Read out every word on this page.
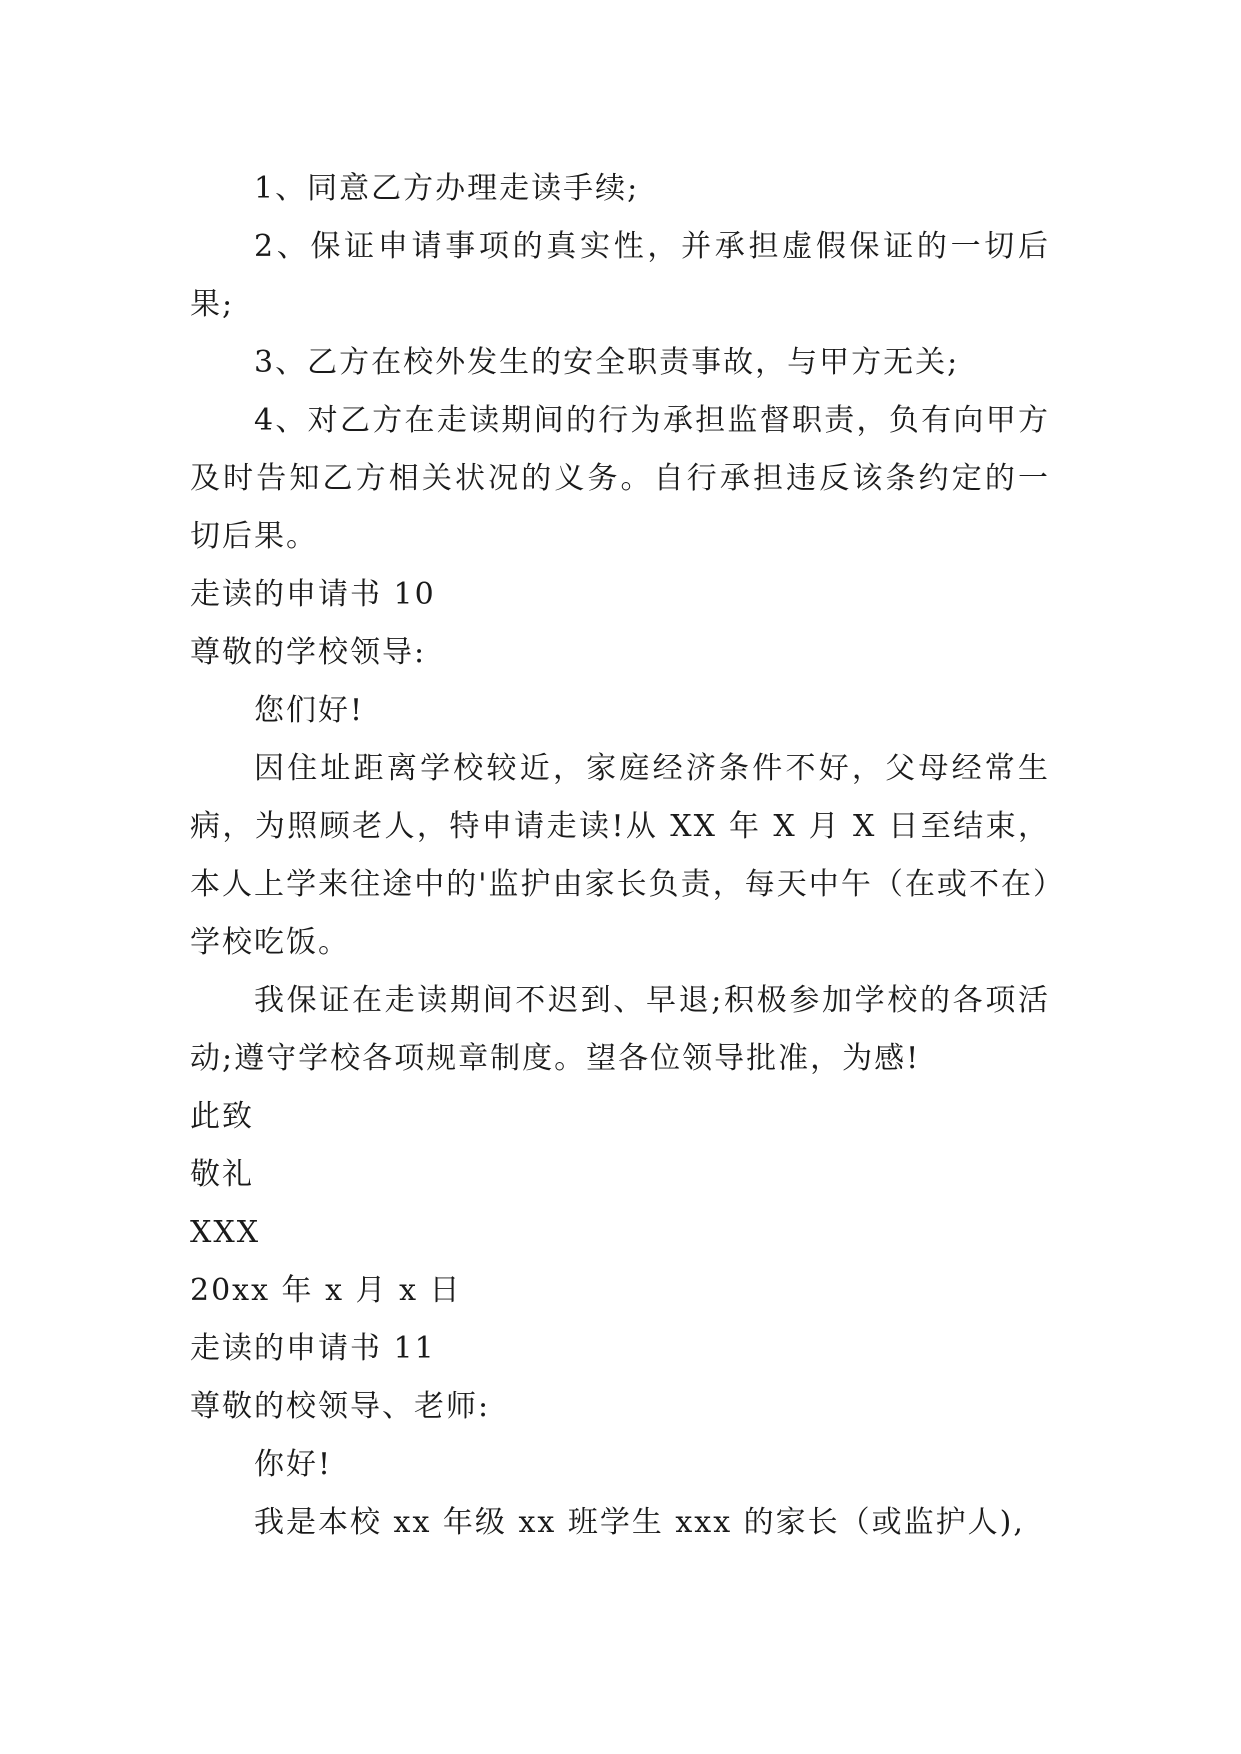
1、同意乙方办理走读手续;

2、保证申请事项的真实性，并承担虚假保证的一切后果;

3、乙方在校外发生的安全职责事故，与甲方无关;

4、对乙方在走读期间的行为承担监督职责，负有向甲方及时告知乙方相关状况的义务。自行承担违反该条约定的一切后果。

走读的申请书 10

尊敬的学校领导:

您们好!

因住址距离学校较近，家庭经济条件不好，父母经常生病，为照顾老人，特申请走读!从 XX 年 X 月 X 日至结束，本人上学来往途中的'监护由家长负责，每天中午（在或不在）学校吃饭。

我保证在走读期间不迟到、早退;积极参加学校的各项活动;遵守学校各项规章制度。望各位领导批准，为感!

此致

敬礼

XXX

20xx 年 x 月 x 日

走读的申请书 11

尊敬的校领导、老师:

你好!

我是本校 xx 年级 xx 班学生 xxx 的家长（或监护人),
